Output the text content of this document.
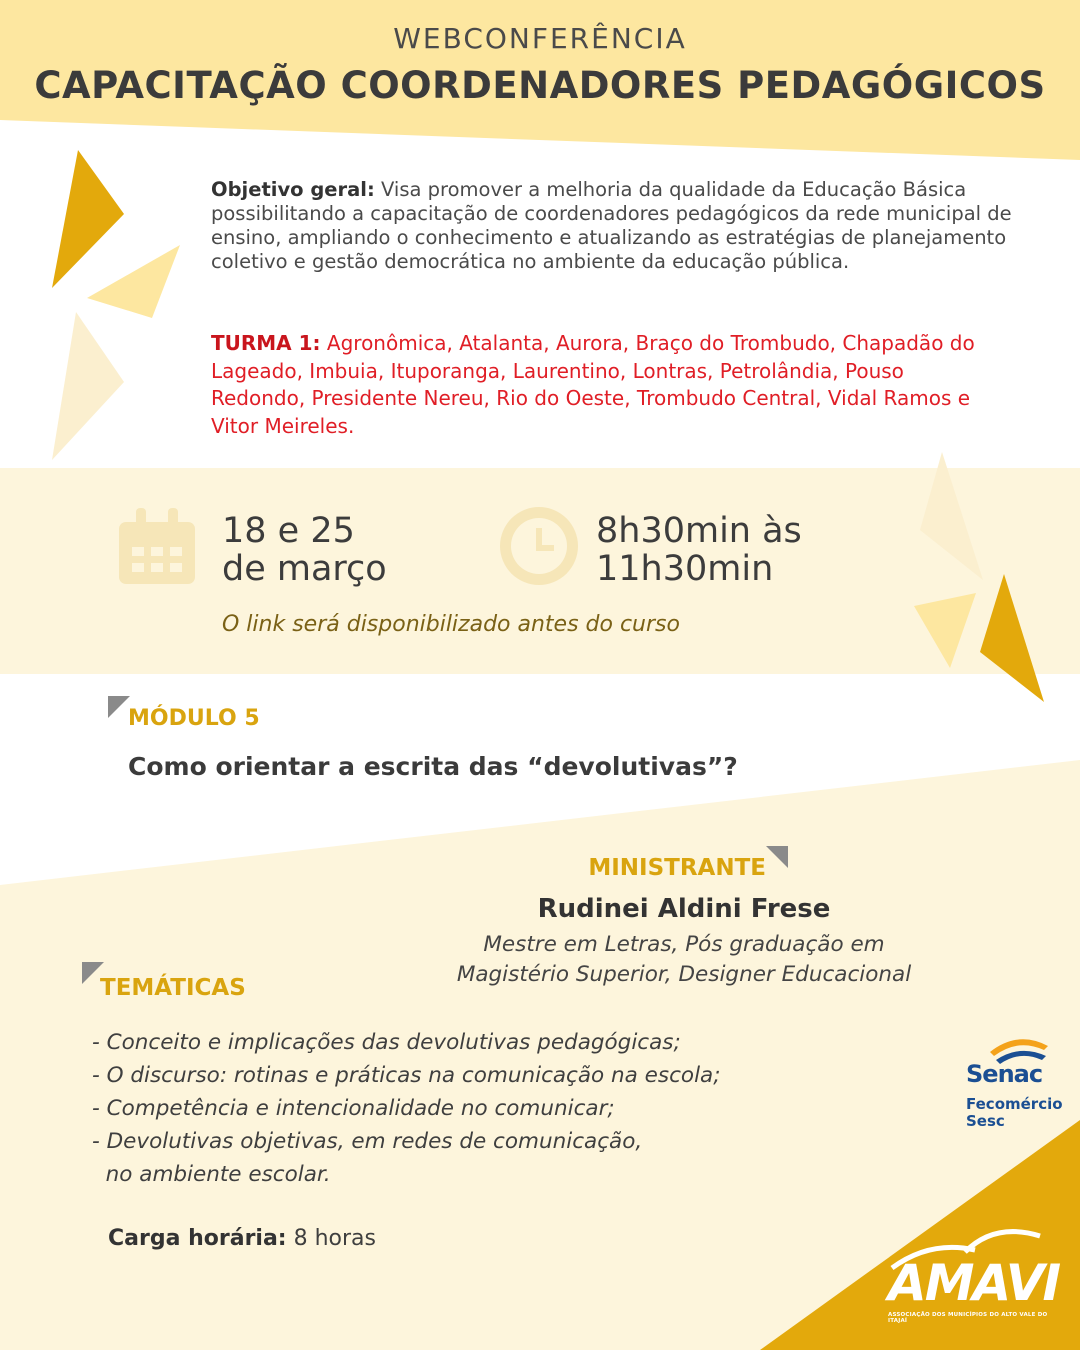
WEBCONFERÊNCIA
CAPACITAÇÃO COORDENADORES PEDAGÓGICOS
Objetivo geral: Visa promover a melhoria da qualidade da Educação Básica possibilitando a capacitação de coordenadores pedagógicos da rede municipal de ensino, ampliando o conhecimento e atualizando as estratégias de planejamento coletivo e gestão democrática no ambiente da educação pública.
TURMA 1: Agronômica, Atalanta, Aurora, Braço do Trombudo, Chapadão do Lageado, Imbuia, Ituporanga, Laurentino, Lontras, Petrolândia, Pouso Redondo, Presidente Nereu, Rio do Oeste, Trombudo Central, Vidal Ramos e Vitor Meireles.
18 e 25
de março
8h30min às
11h30min
O link será disponibilizado antes do curso
MÓDULO 5
Como orientar a escrita das “devolutivas”?
MINISTRANTE
Rudinei Aldini Frese
Mestre em Letras, Pós graduação em
Magistério Superior, Designer Educacional
TEMÁTICAS
- Conceito e implicações das devolutivas pedagógicas;
- O discurso: rotinas e práticas na comunicação na escola;
- Competência e intencionalidade no comunicar;
- Devolutivas objetivas, em redes de comunicação,
no ambiente escolar.
Carga horária: 8 horas
Senac
Fecomércio
Sesc
AMAVI
ASSOCIAÇÃO DOS MUNICÍPIOS DO ALTO VALE DO ITAJAÍ
